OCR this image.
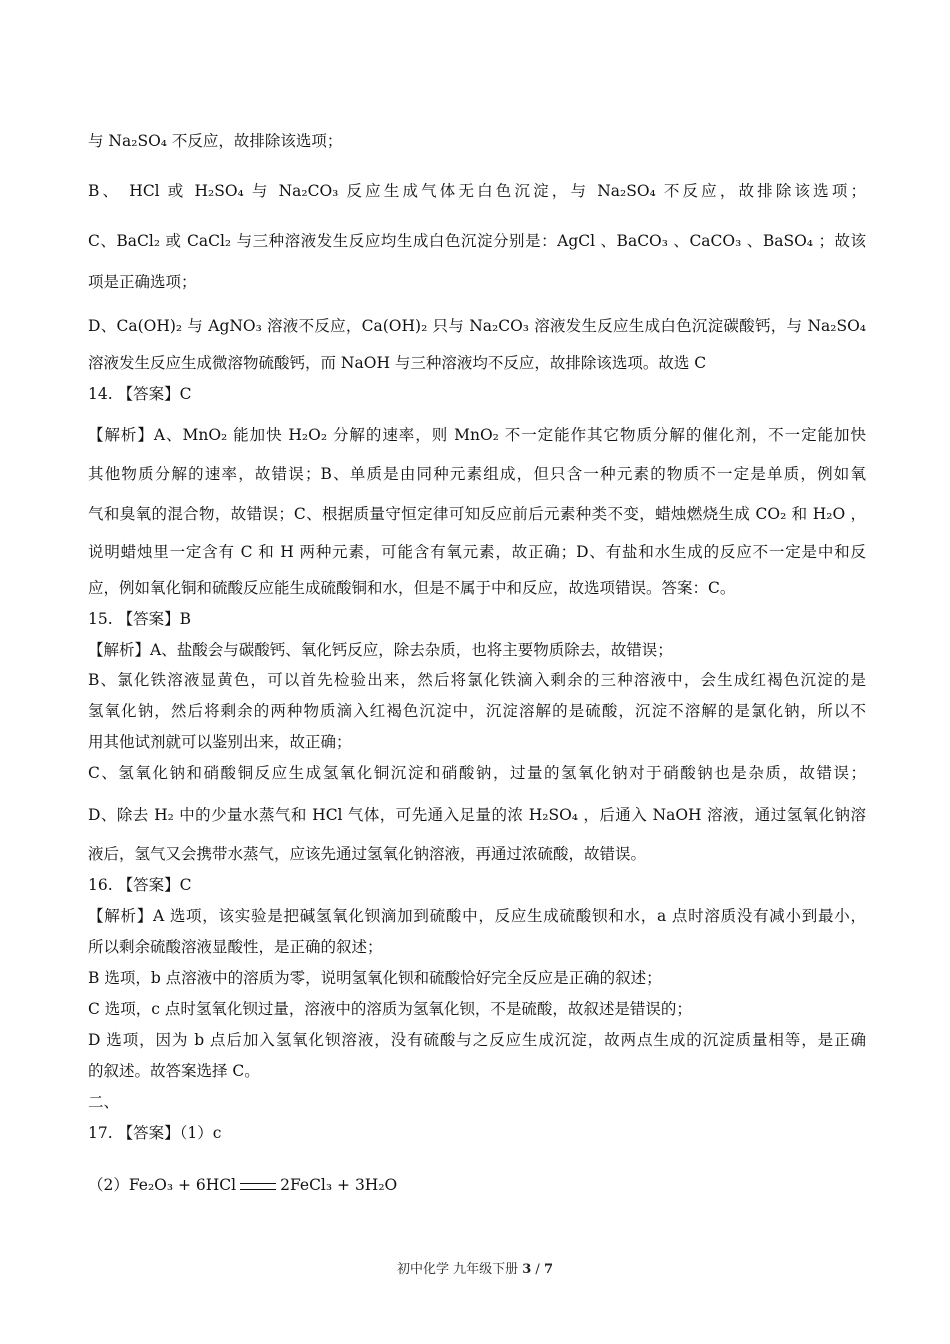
与 Na₂SO₄ 不反应，故排除该选项；
B、 HCl 或 H₂SO₄ 与 Na₂CO₃ 反应生成气体无白色沉淀，与 Na₂SO₄ 不反应，故排除该选项；
C、BaCl₂ 或 CaCl₂ 与三种溶液发生反应均生成白色沉淀分别是：AgCl 、BaCO₃ 、CaCO₃ 、BaSO₄ ；故该
项是正确选项；
D、Ca(OH)₂ 与 AgNO₃ 溶液不反应，Ca(OH)₂ 只与 Na₂CO₃ 溶液发生反应生成白色沉淀碳酸钙，与 Na₂SO₄
溶液发生反应生成微溶物硫酸钙，而 NaOH 与三种溶液均不反应，故排除该选项。故选 C
14. 【答案】C
【解析】A、MnO₂ 能加快 H₂O₂ 分解的速率，则 MnO₂ 不一定能作其它物质分解的催化剂，不一定能加快
其他物质分解的速率，故错误；B、单质是由同种元素组成，但只含一种元素的物质不一定是单质，例如氧
气和臭氧的混合物，故错误；C、根据质量守恒定律可知反应前后元素种类不变，蜡烛燃烧生成 CO₂ 和 H₂O ，
说明蜡烛里一定含有 C 和 H 两种元素，可能含有氧元素，故正确；D、有盐和水生成的反应不一定是中和反
应，例如氧化铜和硫酸反应能生成硫酸铜和水，但是不属于中和反应，故选项错误。答案：C。
15. 【答案】B
【解析】A、盐酸会与碳酸钙、氧化钙反应，除去杂质，也将主要物质除去，故错误；
B、氯化铁溶液显黄色，可以首先检验出来，然后将氯化铁滴入剩余的三种溶液中，会生成红褐色沉淀的是
氢氧化钠，然后将剩余的两种物质滴入红褐色沉淀中，沉淀溶解的是硫酸，沉淀不溶解的是氯化钠，所以不
用其他试剂就可以鉴别出来，故正确；
C、氢氧化钠和硝酸铜反应生成氢氧化铜沉淀和硝酸钠，过量的氢氧化钠对于硝酸钠也是杂质，故错误；
D、除去 H₂ 中的少量水蒸气和 HCl 气体，可先通入足量的浓 H₂SO₄ ，后通入 NaOH 溶液，通过氢氧化钠溶
液后，氢气又会携带水蒸气，应该先通过氢氧化钠溶液，再通过浓硫酸，故错误。
16. 【答案】C
【解析】A 选项，该实验是把碱氢氧化钡滴加到硫酸中，反应生成硫酸钡和水，a 点时溶质没有减小到最小，
所以剩余硫酸溶液显酸性，是正确的叙述；
B 选项，b 点溶液中的溶质为零，说明氢氧化钡和硫酸恰好完全反应是正确的叙述；
C 选项，c 点时氢氧化钡过量，溶液中的溶质为氢氧化钡，不是硫酸，故叙述是错误的；
D 选项，因为 b 点后加入氢氧化钡溶液，没有硫酸与之反应生成沉淀，故两点生成的沉淀质量相等，是正确
的叙述。故答案选择 C。
二、
17. 【答案】（1）c
（2）Fe₂O₃ + 6HCl	2FeCl₃ + 3H₂O
初中化学 九年级下册 3 / 7
